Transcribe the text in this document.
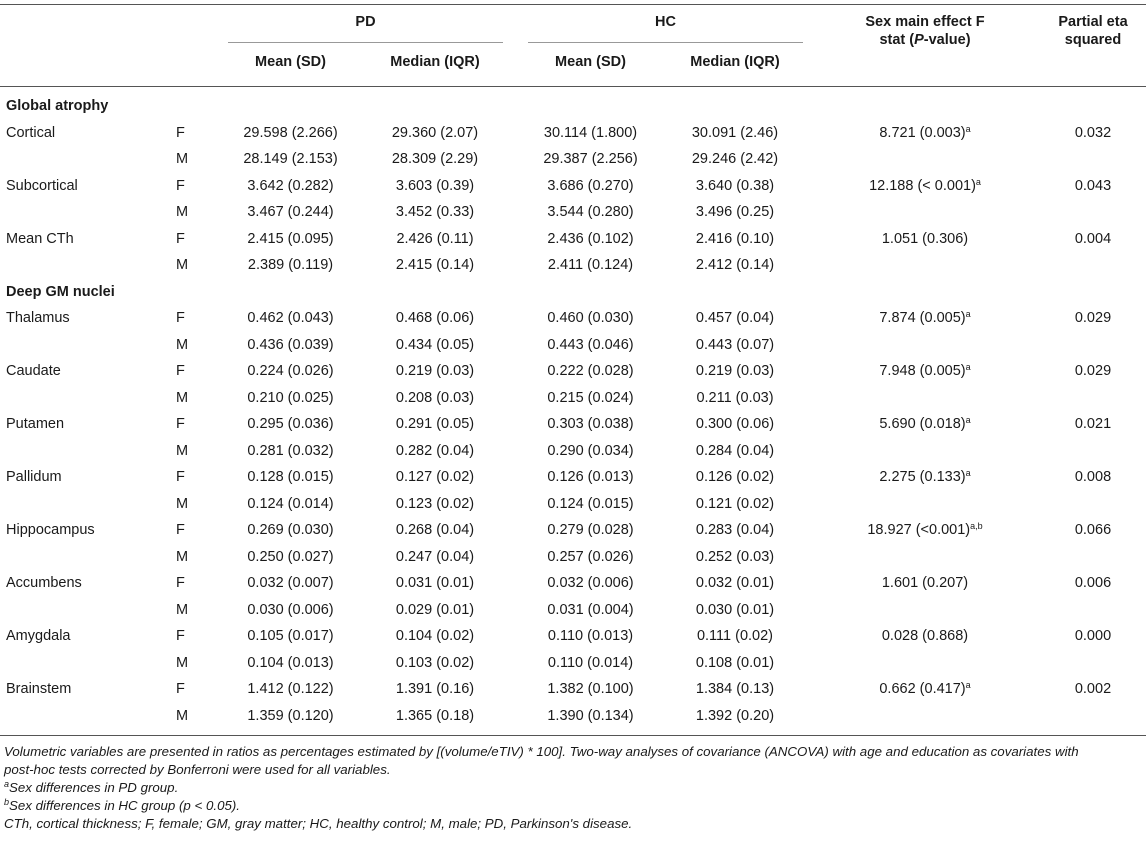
PD	HC	Sex main effect F
stat (P-value)
Partial eta
squared
Mean (SD)	Median (IQR)	Mean (SD)	Median (IQR)
Global atrophy
Cortical	F	29.598 (2.266)	29.360 (2.07)	30.114 (1.800)	30.091 (2.46)	8.721 $(0.003)^a$	0.032
M	28.149 (2.153)	28.309 (2.29)	29.387 (2.256)	29.246 (2.42)
Subcortical	F	3.642 (0.282)	3.603 (0.39)	3.686 (0.270)	3.640 (0.38)	12.188 (< 0.001)$^a$	0.043
M	3.467 (0.244)	3.452 (0.33)	3.544 (0.280)	3.496 (0.25)
Mean CTh	F	2.415 (0.095)	2.426 (0.11)	2.436 (0.102)	2.416 (0.10)	1.051 (0.306)	0.004
M	2.389 (0.119)	2.415 (0.14)	2.411 (0.124)	2.412 (0.14)
Deep GM nuclei
Thalamus	F	0.462 (0.043)	0.468 (0.06)	0.460 (0.030)	0.457 (0.04)	7.874 $(0.005)^a$	0.029
M	0.436 (0.039)	0.434 (0.05)	0.443 (0.046)	0.443 (0.07)
Caudate	F	0.224 (0.026)	0.219 (0.03)	0.222 (0.028)	0.219 (0.03)	7.948 $(0.005)^a$	0.029
M	0.210 (0.025)	0.208 (0.03)	0.215 (0.024)	0.211 (0.03)
Putamen	F	0.295 (0.036)	0.291 (0.05)	0.303 (0.038)	0.300 (0.06)	5.690 $(0.018)^a$	0.021
M	0.281 (0.032)	0.282 (0.04)	0.290 (0.034)	0.284 (0.04)
Pallidum	F	0.128 (0.015)	0.127 (0.02)	0.126 (0.013)	0.126 (0.02)	2.275 $(0.133)^a$	0.008
M	0.124 (0.014)	0.123 (0.02)	0.124 (0.015)	0.121 (0.02)
Hippocampus	F	0.269 (0.030)	0.268 (0.04)	0.279 (0.028)	0.283 (0.04)	18.927 (<0.001)$^{a,b}$	0.066
M	0.250 (0.027)	0.247 (0.04)	0.257 (0.026)	0.252 (0.03)
Accumbens	F	0.032 (0.007)	0.031 (0.01)	0.032 (0.006)	0.032 (0.01)	1.601 (0.207)	0.006
M	0.030 (0.006)	0.029 (0.01)	0.031 (0.004)	0.030 (0.01)
Amygdala	F	0.105 (0.017)	0.104 (0.02)	0.110 (0.013)	0.111 (0.02)	0.028 (0.868)	0.000
M	0.104 (0.013)	0.103 (0.02)	0.110 (0.014)	0.108 (0.01)
Brainstem	F	1.412 (0.122)	1.391 (0.16)	1.382 (0.100)	1.384 (0.13)	0.662 $(0.417)^a$	0.002
M	1.359 (0.120)	1.365 (0.18)	1.390 (0.134)	1.392 (0.20)
Volumetric variables are presented in ratios as percentages estimated by [(volume/eTIV) * 100]. Two-way analyses of covariance (ANCOVA) with age and education as covariates with
post-hoc tests corrected by Bonferroni were used for all variables.
$^a$Sex differences in PD group.
$^b$Sex differences in HC group (p < 0.05).
CTh, cortical thickness; F, female; GM, gray matter; HC, healthy control; M, male; PD, Parkinson's disease.
